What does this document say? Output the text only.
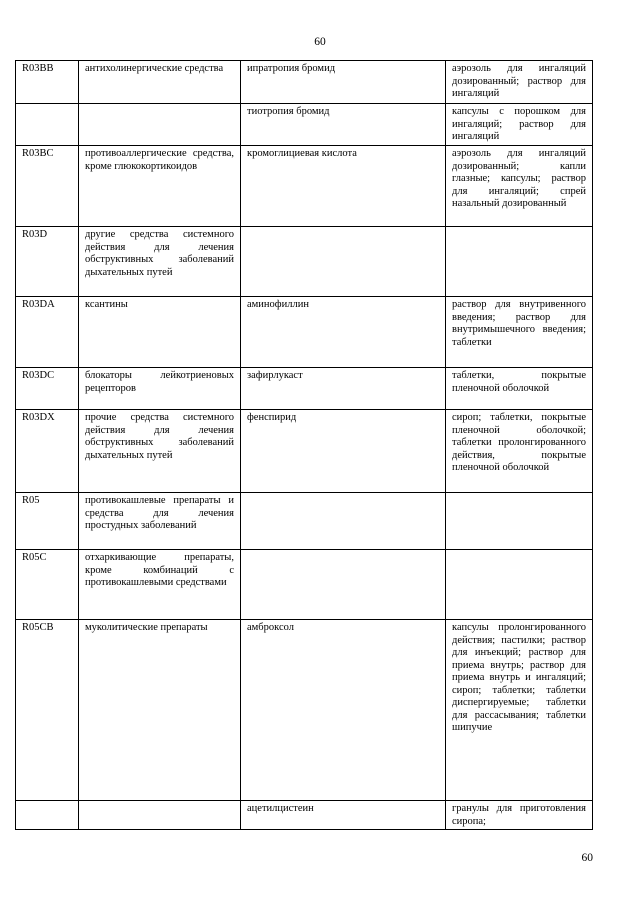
60
R03BB	антихолинергические средства	ипратропия бромид	аэрозоль для ингаляций дозированный; раствор для ингаляций
		тиотропия бромид	капсулы с порошком для ингаляций; раствор для ингаляций
R03BC	противоаллергические средства, кроме глюкокортикоидов	кромоглициевая кислота	аэрозоль для ингаляций дозированный; капли глазные; капсулы; раствор для ингаляций; спрей назальный дозированный
R03D	другие средства системного действия для лечения обструктивных заболеваний дыхательных путей		
R03DA	ксантины	аминофиллин	раствор для внутривенного введения; раствор для внутримышечного введения; таблетки
R03DC	блокаторы лейкотриеновых рецепторов	зафирлукаст	таблетки, покрытые пленочной оболочкой
R03DX	прочие средства системного действия для лечения обструктивных заболеваний дыхательных путей	фенспирид	сироп; таблетки, покрытые пленочной оболочкой; таблетки пролонгированного действия, покрытые пленочной оболочкой
R05	противокашлевые препараты и средства для лечения простудных заболеваний		
R05C	отхаркивающие препараты, кроме комбинаций с противокашлевыми средствами		
R05CB	муколитические препараты	амброксол	капсулы пролонгированного действия; пастилки; раствор для инъекций; раствор для приема внутрь; раствор для приема внутрь и ингаляций; сироп; таблетки; таблетки диспергируемые; таблетки для рассасывания; таблетки шипучие
		ацетилцистеин	гранулы для приготовления сиропа;
60
